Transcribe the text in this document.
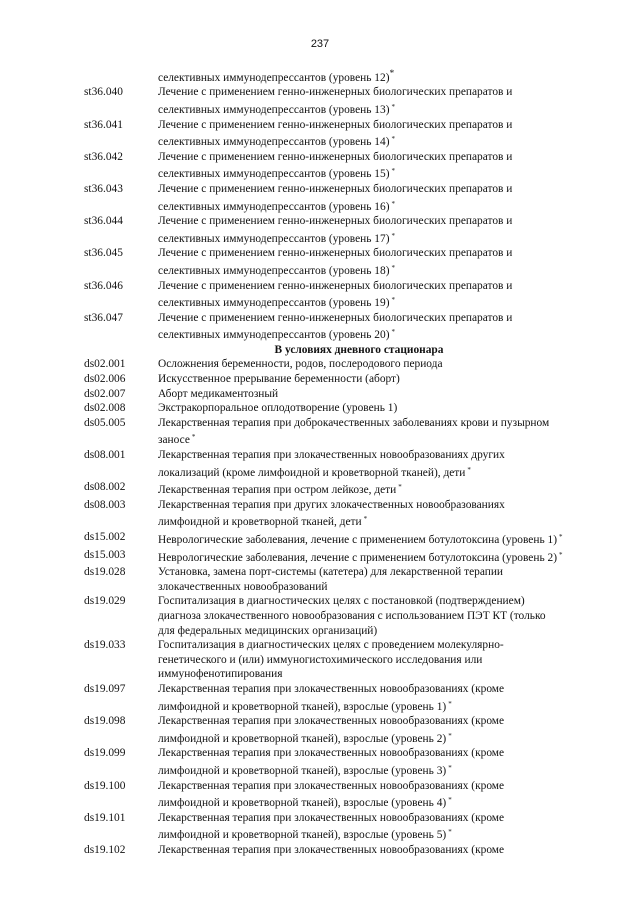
237
селективных иммунодепрессантов (уровень 12)*
st36.040	Лечение с применением генно-инженерных биологических препаратов и селективных иммунодепрессантов (уровень 13) *
st36.041	Лечение с применением генно-инженерных биологических препаратов и селективных иммунодепрессантов (уровень 14) *
st36.042	Лечение с применением генно-инженерных биологических препаратов и селективных иммунодепрессантов (уровень 15) *
st36.043	Лечение с применением генно-инженерных биологических препаратов и селективных иммунодепрессантов (уровень 16) *
st36.044	Лечение с применением генно-инженерных биологических препаратов и селективных иммунодепрессантов (уровень 17) *
st36.045	Лечение с применением генно-инженерных биологических препаратов и селективных иммунодепрессантов (уровень 18) *
st36.046	Лечение с применением генно-инженерных биологических препаратов и селективных иммунодепрессантов (уровень 19) *
st36.047	Лечение с применением генно-инженерных биологических препаратов и селективных иммунодепрессантов (уровень 20) *
В условиях дневного стационара
ds02.001	Осложнения беременности, родов, послеродового периода
ds02.006	Искусственное прерывание беременности (аборт)
ds02.007	Аборт медикаментозный
ds02.008	Экстракорпоральное оплодотворение (уровень 1)
ds05.005	Лекарственная терапия при доброкачественных заболеваниях крови и пузырном заносе *
ds08.001	Лекарственная терапия при злокачественных новообразованиях других локализаций (кроме лимфоидной и кроветворной тканей), дети *
ds08.002	Лекарственная терапия при остром лейкозе, дети *
ds08.003	Лекарственная терапия при других злокачественных новообразованиях лимфоидной и кроветворной тканей, дети *
ds15.002	Неврологические заболевания, лечение с применением ботулотоксина (уровень 1) *
ds15.003	Неврологические заболевания, лечение с применением ботулотоксина (уровень 2) *
ds19.028	Установка, замена порт-системы (катетера) для лекарственной терапии злокачественных новообразований
ds19.029	Госпитализация в диагностических целях с постановкой (подтверждением) диагноза злокачественного новообразования с использованием ПЭТ КТ (только для федеральных медицинских организаций)
ds19.033	Госпитализация в диагностических целях с проведением молекулярно-генетического и (или) иммуногистохимического исследования или иммунофенотипирования
ds19.097	Лекарственная терапия при злокачественных новообразованиях (кроме лимфоидной и кроветворной тканей), взрослые (уровень 1) *
ds19.098	Лекарственная терапия при злокачественных новообразованиях (кроме лимфоидной и кроветворной тканей), взрослые (уровень 2) *
ds19.099	Лекарственная терапия при злокачественных новообразованиях (кроме лимфоидной и кроветворной тканей), взрослые (уровень 3) *
ds19.100	Лекарственная терапия при злокачественных новообразованиях (кроме лимфоидной и кроветворной тканей), взрослые (уровень 4) *
ds19.101	Лекарственная терапия при злокачественных новообразованиях (кроме лимфоидной и кроветворной тканей), взрослые (уровень 5) *
ds19.102	Лекарственная терапия при злокачественных новообразованиях (кроме
